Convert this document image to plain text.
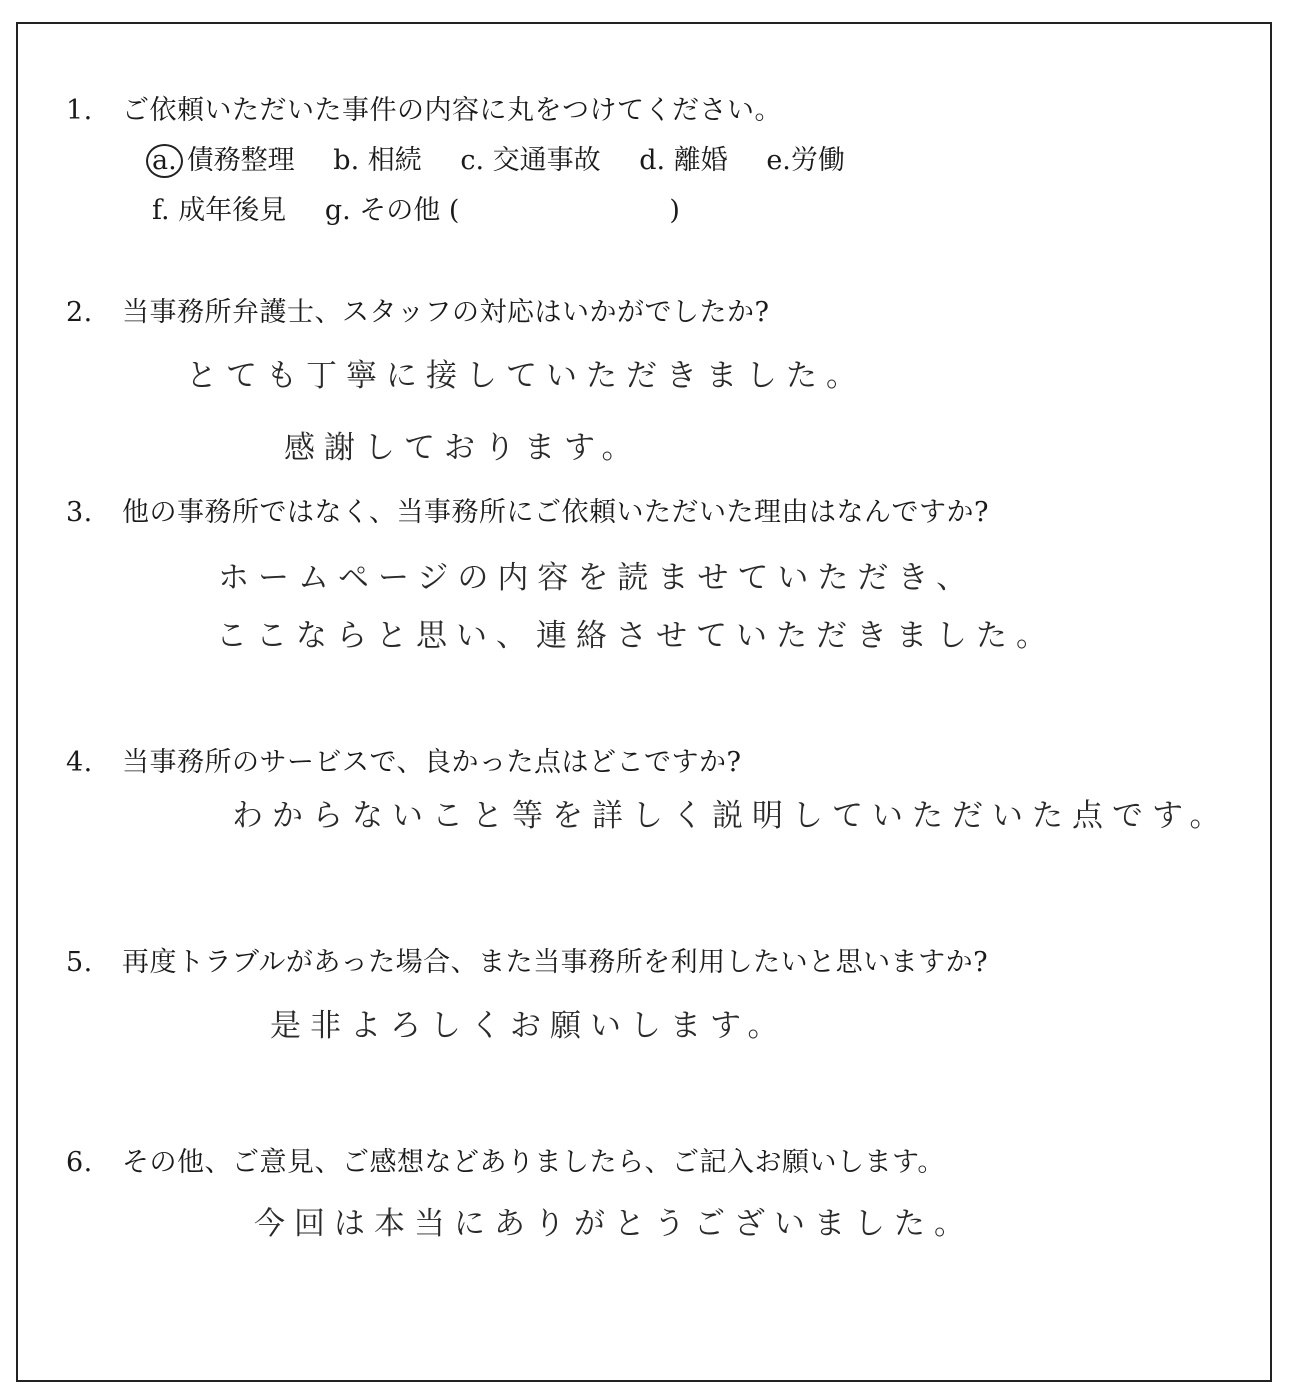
1. ご依頼いただいた事件の内容に丸をつけてください。
a. 債務整理 b. 相続 c. 交通事故 d. 離婚 e.労働
f. 成年後見 g. その他 (	)
2. 当事務所弁護士、スタッフの対応はいかがでしたか?
とても丁寧に接していただきました。
感謝しております。
3. 他の事務所ではなく、当事務所にご依頼いただいた理由はなんですか?
ホームページの内容を読ませていただき、
ここならと思い、連絡させていただきました。
4. 当事務所のサービスで、良かった点はどこですか?
わからないこと等を詳しく説明していただいた点です。
5. 再度トラブルがあった場合、また当事務所を利用したいと思いますか?
是非よろしくお願いします。
6. その他、ご意見、ご感想などありましたら、ご記入お願いします。
今回は本当にありがとうございました。
